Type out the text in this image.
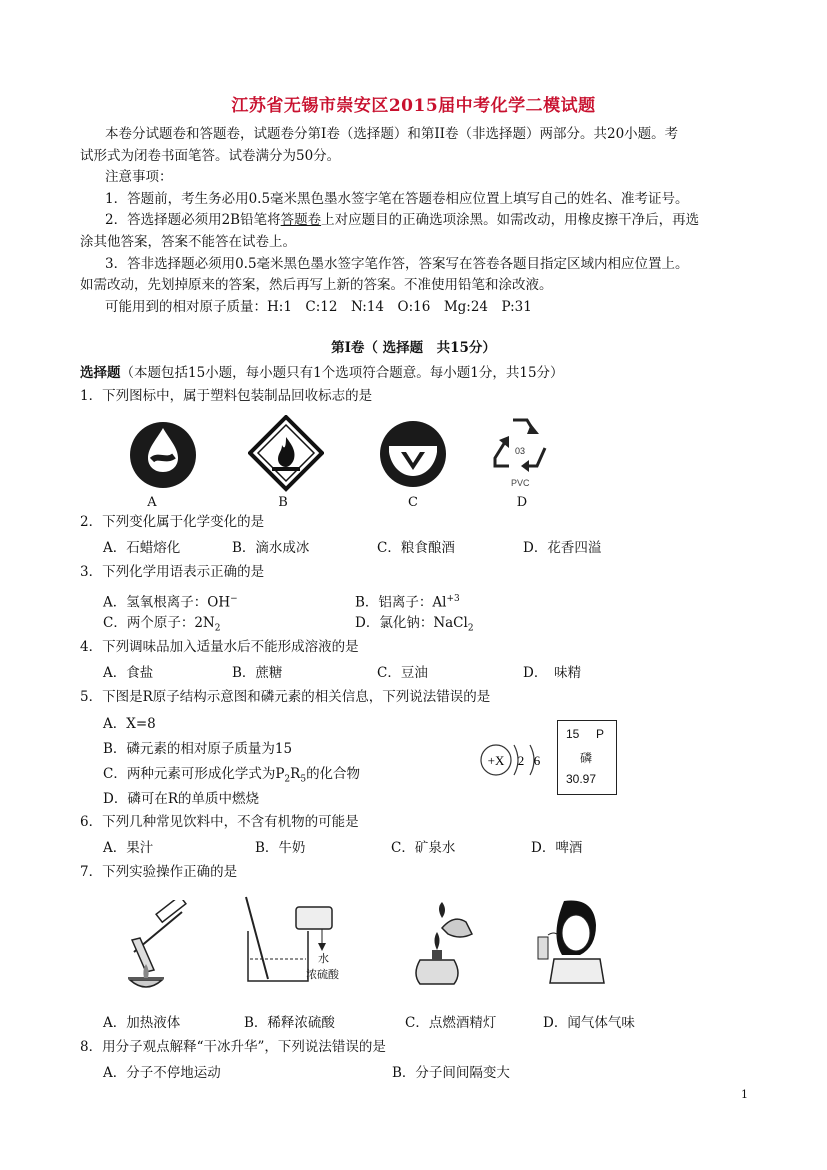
江苏省无锡市崇安区2015届中考化学二模试题
本卷分试题卷和答题卷，试题卷分第Ⅰ卷（选择题）和第II卷（非选择题）两部分。共20小题。考
试形式为闭卷书面笔答。试卷满分为50分。
注意事项：
1．答题前，考生务必用0.5毫米黑色墨水签字笔在答题卷相应位置上填写自己的姓名、准考证号。
2．答选择题必须用2B铅笔将答题卷上对应题目的正确选项涂黑。如需改动，用橡皮擦干净后，再选
涂其他答案，答案不能答在试卷上。
3．答非选择题必须用0.5毫米黑色墨水签字笔作答，答案写在答卷各题目指定区域内相应位置上。
如需改动，先划掉原来的答案，然后再写上新的答案。不准使用铅笔和涂改液。
可能用到的相对原子质量：H:1　C:12　N:14　O:16　Mg:24　P:31
第Ⅰ卷（ 选择题　共15分）
选择题（本题包括15小题，每小题只有1个选项符合题意。每小题1分，共15分）
1．下列图标中，属于塑料包装制品回收标志的是
03
PVC
A	B	C	D
2．下列变化属于化学变化的是
A．石蜡熔化	B．滴水成冰	C．粮食酿酒	D．花香四溢
3．下列化学用语表示正确的是
A．氢氧根离子：OH−	B．铝离子：$Al^{+3}$
C．两个原子：$2N_2$	D．氯化钠：NaCl$_2$
4．下列调味品加入适量水后不能形成溶液的是
A．食盐	B．蔗糖	C．豆油	D．　味精
5．下图是R原子结构示意图和磷元素的相关信息，下列说法错误的是
A．X=8
B．磷元素的相对原子质量为15
C．两种元素可形成化学式为$P_2R_5$的化合物
D．磷可在R的单质中燃烧
+X 2 6
15 P
磷
30.97
6．下列几种常见饮料中，不含有机物的可能是
A．果汁	B．牛奶	C．矿泉水	D．啤酒
7．下列实验操作正确的是
水
浓硫酸
A．加热液体	B．稀释浓硫酸	C．点燃酒精灯	D．闻气体气味
8．用分子观点解释“干冰升华”，下列说法错误的是
A．分子不停地运动	B．分子间间隔变大
1
